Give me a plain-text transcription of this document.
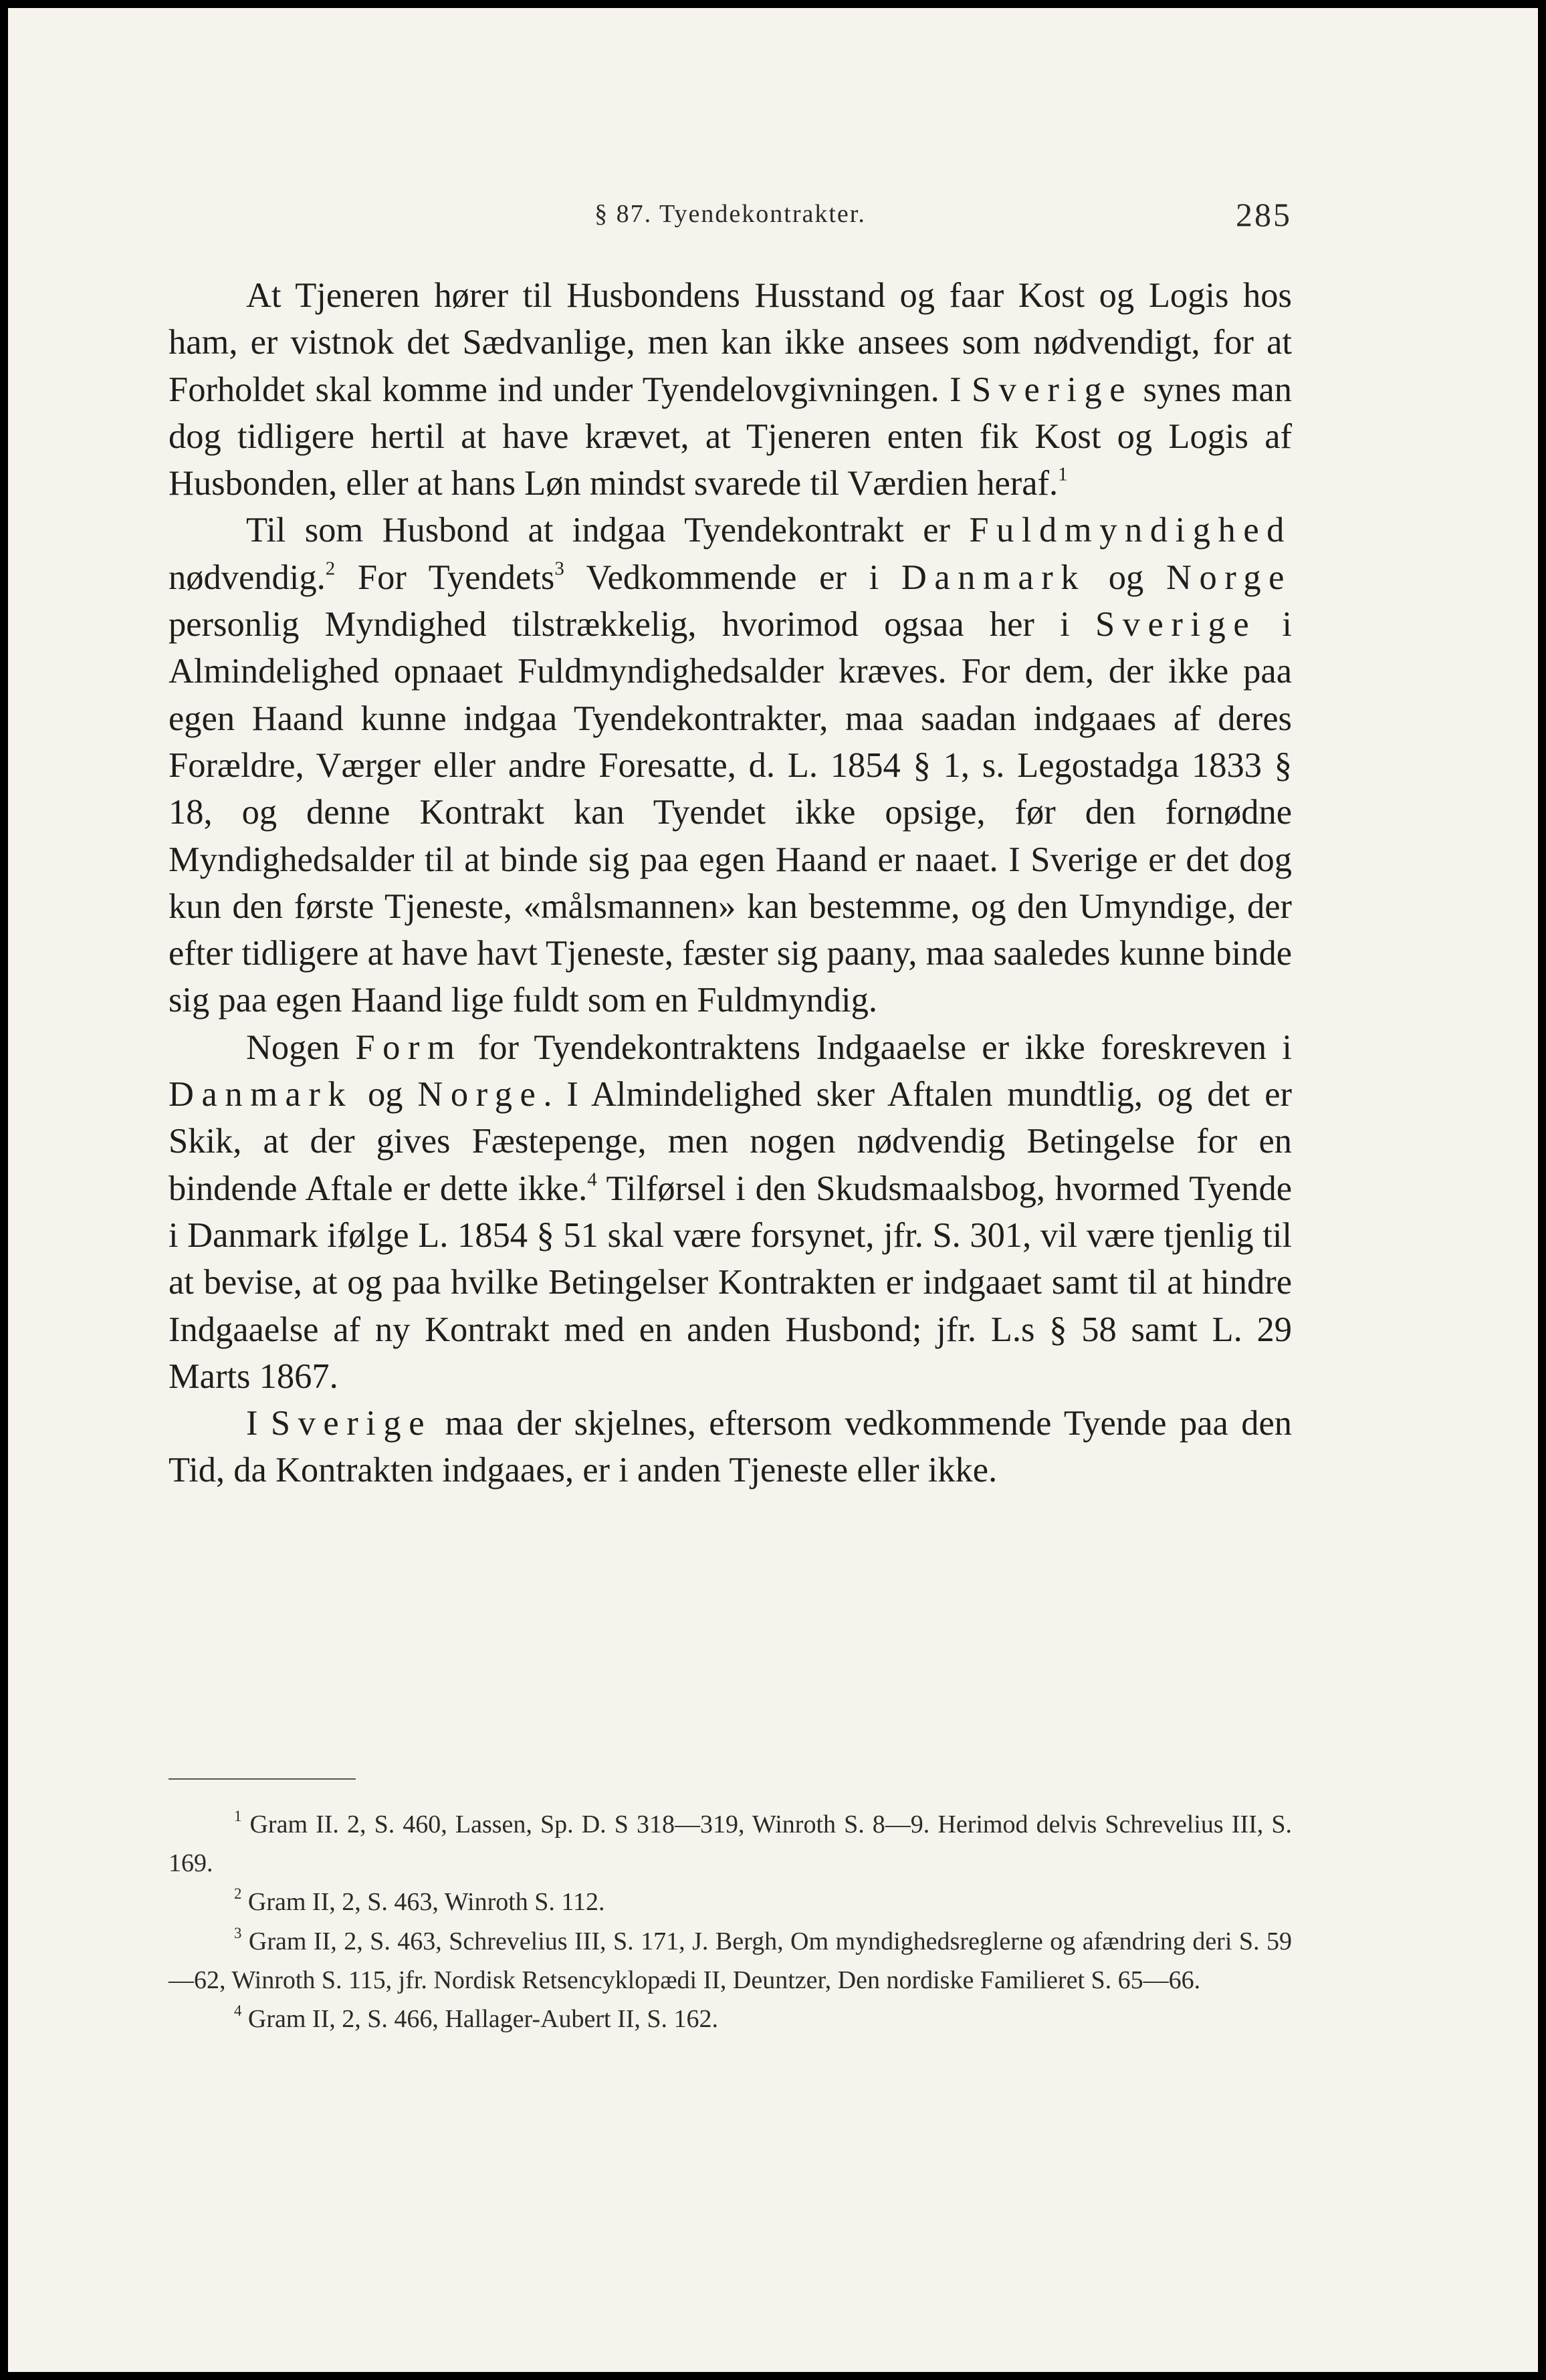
§ 87. Tyendekontrakter.	285

At Tjeneren hører til Husbondens Husstand og faar Kost og Logis hos ham, er vistnok det Sædvanlige, men kan ikke ansees som nødvendigt, for at Forholdet skal komme ind under Tyendelovgivningen. I Sverige synes man dog tidligere hertil at have krævet, at Tjeneren enten fik Kost og Logis af Husbonden, eller at hans Løn mindst svarede til Værdien heraf.$^1$

Til som Husbond at indgaa Tyendekontrakt er Fuldmyndighed nødvendig.$^2$ For Tyendets$^3$ Vedkommende er i Danmark og Norge personlig Myndighed tilstrækkelig, hvorimod ogsaa her i Sverige i Almindelighed opnaaet Fuldmyndighedsalder kræves. For dem, der ikke paa egen Haand kunne indgaa Tyendekontrakter, maa saadan indgaaes af deres Forældre, Værger eller andre Foresatte, d. L. 1854 § 1, s. Legostadga 1833 § 18, og denne Kontrakt kan Tyendet ikke opsige, før den fornødne Myndighedsalder til at binde sig paa egen Haand er naaet. I Sverige er det dog kun den første Tjeneste, «målsmannen» kan bestemme, og den Umyndige, der efter tidligere at have havt Tjeneste, fæster sig paany, maa saaledes kunne binde sig paa egen Haand lige fuldt som en Fuldmyndig.

Nogen Form for Tyendekontraktens Indgaaelse er ikke foreskreven i Danmark og Norge. I Almindelighed sker Aftalen mundtlig, og det er Skik, at der gives Fæstepenge, men nogen nødvendig Betingelse for en bindende Aftale er dette ikke.$^4$ Tilførsel i den Skudsmaalsbog, hvormed Tyende i Danmark ifølge L. 1854 § 51 skal være forsynet, jfr. S. 301, vil være tjenlig til at bevise, at og paa hvilke Betingelser Kontrakten er indgaaet samt til at hindre Indgaaelse af ny Kontrakt med en anden Husbond; jfr. L.s § 58 samt L. 29 Marts 1867.

I Sverige maa der skjelnes, eftersom vedkommende Tyende paa den Tid, da Kontrakten indgaaes, er i anden Tjeneste eller ikke.

$^1$ Gram II. 2, S. 460, Lassen, Sp. D. S 318—319, Winroth S. 8—9. Herimod delvis Schrevelius III, S. 169.

$^2$ Gram II, 2, S. 463, Winroth S. 112.

$^3$ Gram II, 2, S. 463, Schrevelius III, S. 171, J. Bergh, Om myndighedsreglerne og afændring deri S. 59—62, Winroth S. 115, jfr. Nordisk Retsencyklopædi II, Deuntzer, Den nordiske Familieret S. 65—66.

$^4$ Gram II, 2, S. 466, Hallager-Aubert II, S. 162.
